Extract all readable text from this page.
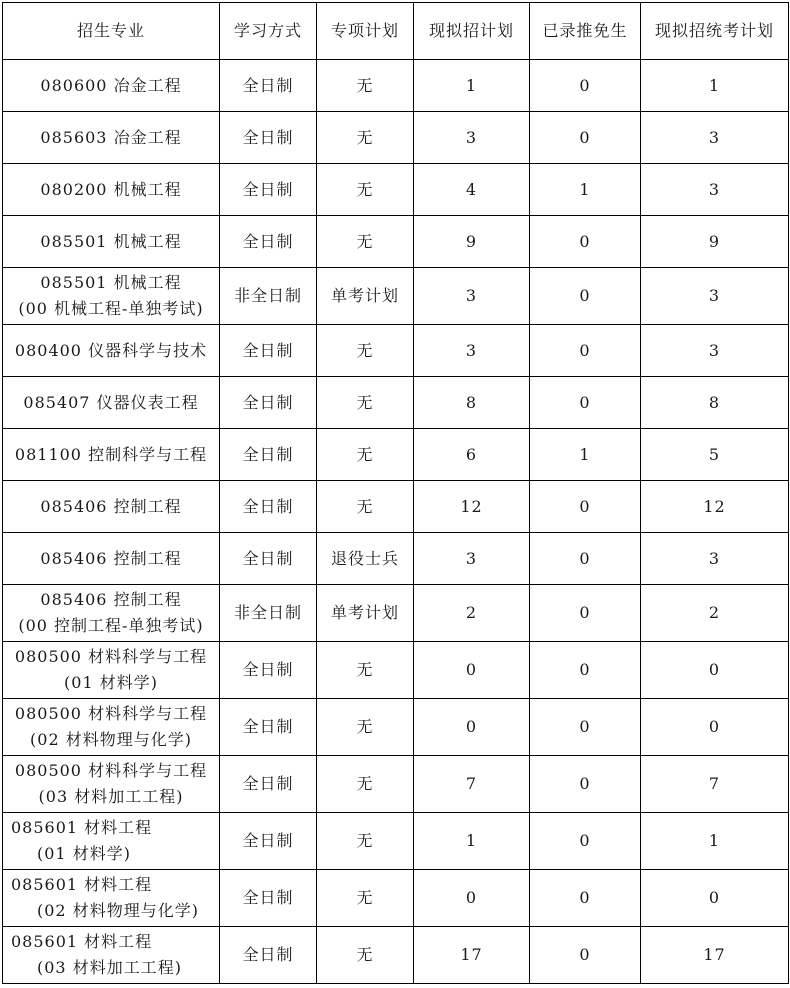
招生专业	学习方式	专项计划	现拟招计划	已录推免生	现拟招统考计划

080600 冶金工程	全日制	无	1	0	1

085603 冶金工程	全日制	无	3	0	3

080200 机械工程	全日制	无	4	1	3

085501 机械工程	全日制	无	9	0	9

085501 机械工程
(00 机械工程-单独考试)	非全日制	单考计划	3	0	3

080400 仪器科学与技术	全日制	无	3	0	3

085407 仪器仪表工程	全日制	无	8	0	8

081100 控制科学与工程	全日制	无	6	1	5

085406 控制工程	全日制	无	12	0	12

085406 控制工程	全日制	退役士兵	3	0	3

085406 控制工程
(00 控制工程-单独考试)	非全日制	单考计划	2	0	2

080500 材料科学与工程
(01 材料学)	全日制	无	0	0	0

080500 材料科学与工程
(02 材料物理与化学)	全日制	无	0	0	0

080500 材料科学与工程
(03 材料加工工程)	全日制	无	7	0	7

085601 材料工程
(01 材料学)	全日制	无	1	0	1

085601 材料工程
(02 材料物理与化学)	全日制	无	0	0	0

085601 材料工程
(03 材料加工工程)	全日制	无	17	0	17
